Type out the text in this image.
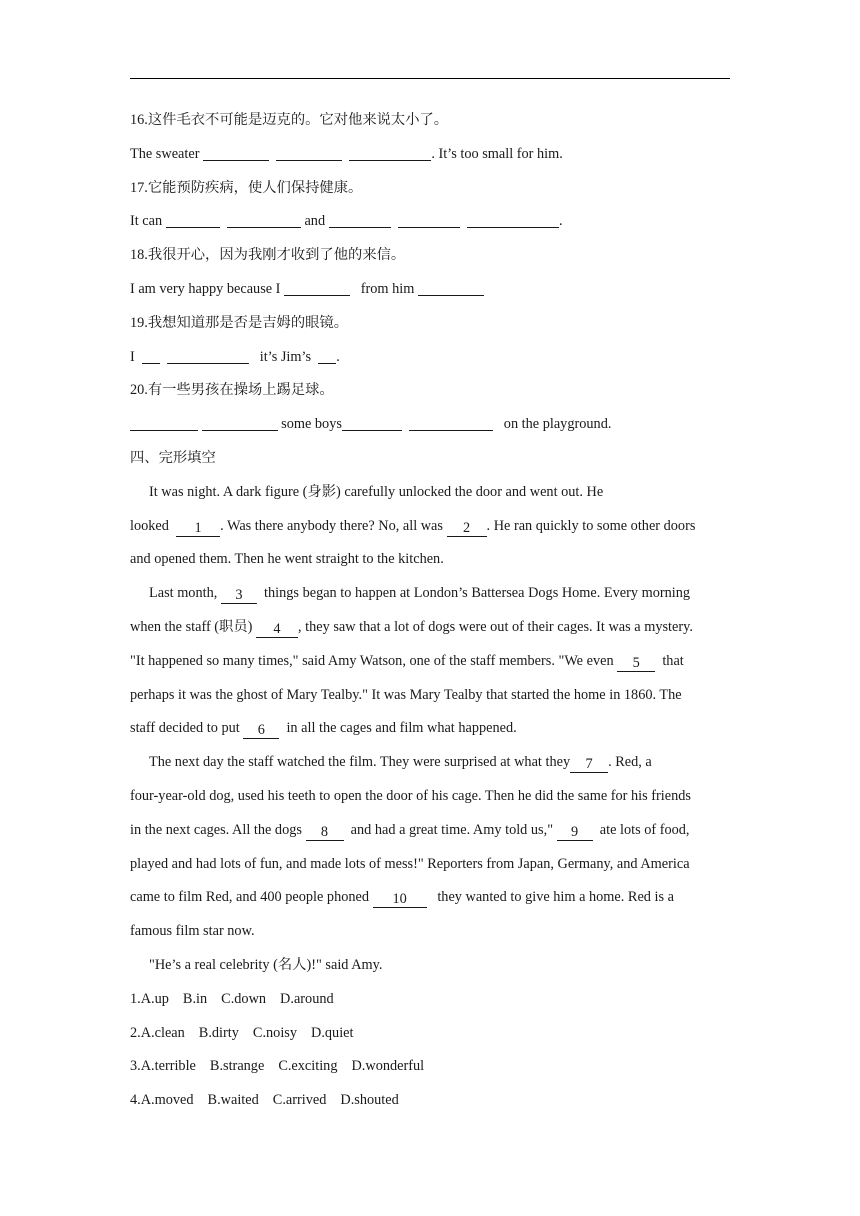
16.这件毛衣不可能是迈克的。它对他来说太小了。
The sweater	. It’s too small for him.
17.它能预防疾病，使人们保持健康。
It can	and	.
18.我很开心，因为我刚才收到了他的来信。
I am very happy because I	from him
19.我想知道那是否是吉姆的眼镜。
I	it’s Jim’s  .
20.有一些男孩在操场上踢足球。
some boys	on the playground.
四、完形填空
It was night. A dark figure (身影) carefully unlocked the door and went out. He
looked  1 . Was there anybody there? No, all was 2 . He ran quickly to some other doors
and opened them. Then he went straight to the kitchen.
Last month, 3  things began to happen at London’s Battersea Dogs Home. Every morning
when the staff (职员) 4 , they saw that a lot of dogs were out of their cages. It was a mystery.
"It happened so many times," said Amy Watson, one of the staff members. "We even 5  that
perhaps it was the ghost of Mary Tealby." It was Mary Tealby that started the home in 1860. The
staff decided to put 6  in all the cages and film what happened.
The next day the staff watched the film. They were surprised at what they 7 . Red, a
four-year-old dog, used his teeth to open the door of his cage. Then he did the same for his friends
in the next cages. All the dogs 8  and had a great time. Amy told us," 9  ate lots of food,
played and had lots of fun, and made lots of mess!" Reporters from Japan, Germany, and America
came to film Red, and 400 people phoned 10   they wanted to give him a home. Red is a
famous film star now.
"He’s a real celebrity (名人)!" said Amy.
1.A.up B.in C.down D.around
2.A.clean B.dirty C.noisy D.quiet
3.A.terrible B.strange C.exciting D.wonderful
4.A.moved B.waited C.arrived D.shouted
